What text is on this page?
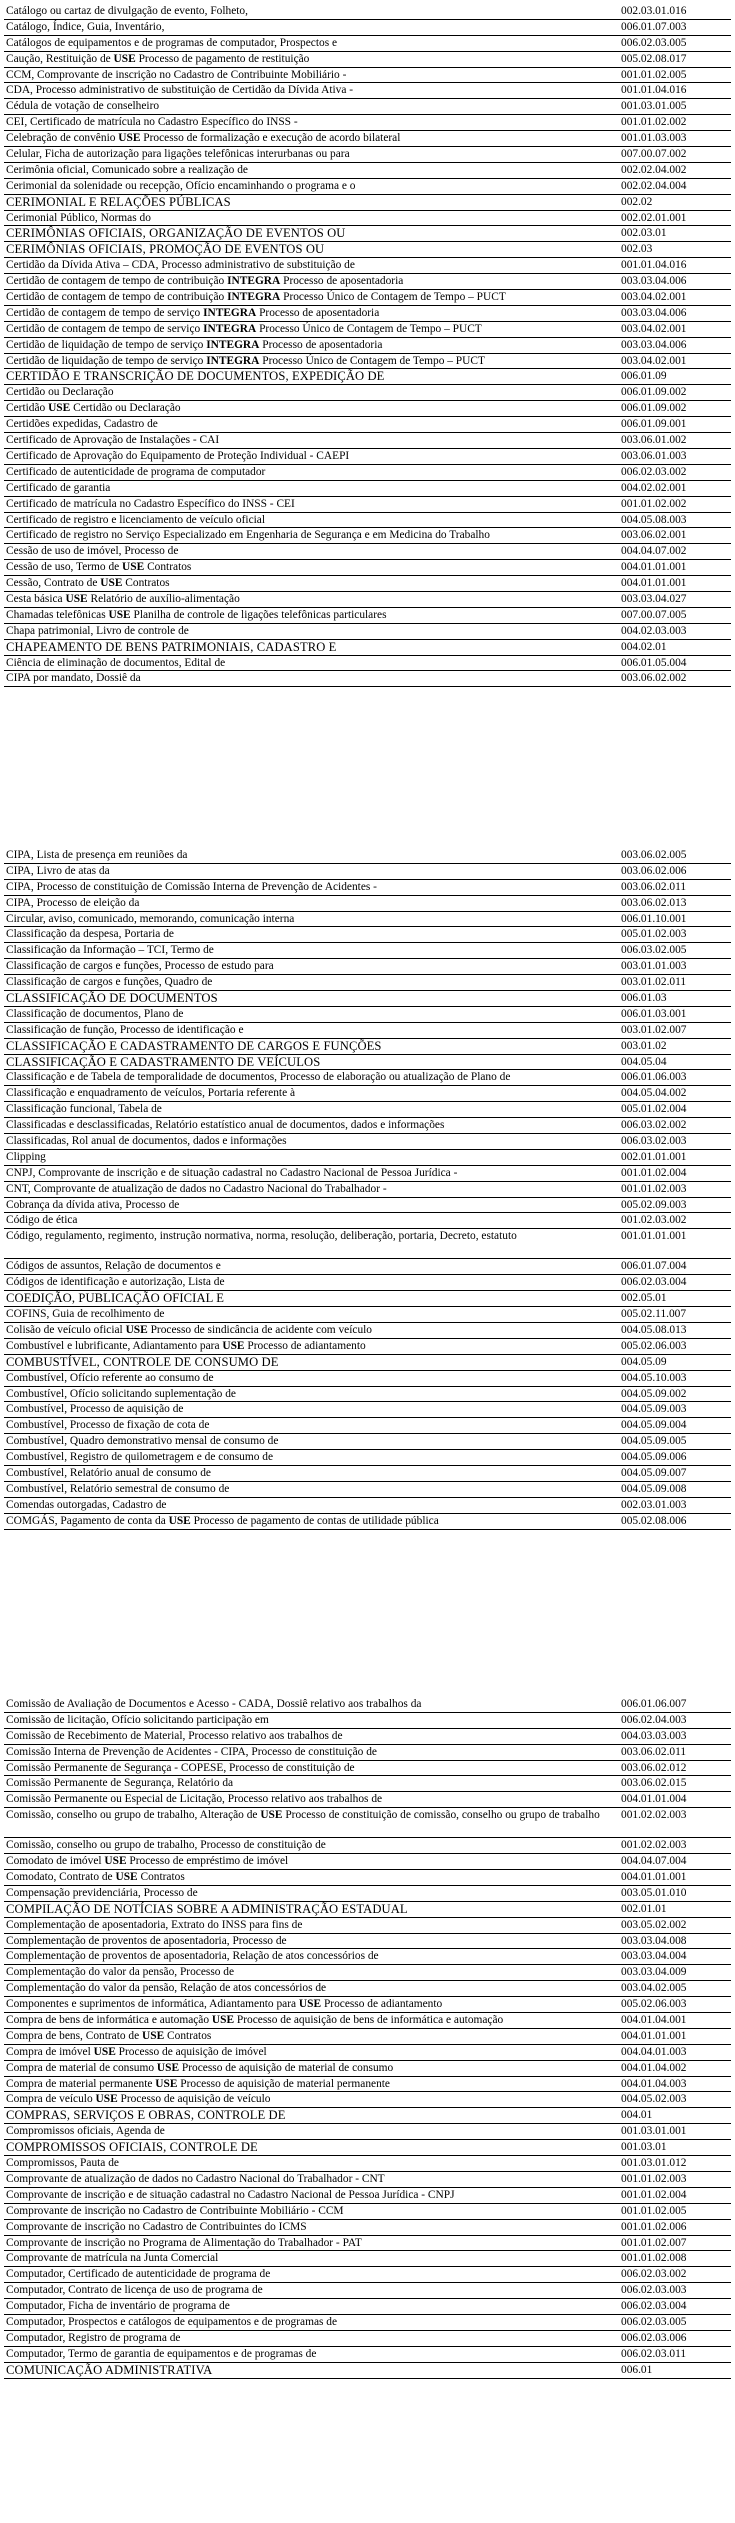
Catálogo ou cartaz de divulgação de evento, Folheto,	002.03.01.016
Catálogo, Índice, Guia, Inventário,	006.01.07.003
Catálogos de equipamentos e de programas de computador, Prospectos e	006.02.03.005
Caução, Restituição de USE Processo de pagamento de restituição	005.02.08.017
CCM, Comprovante de inscrição no Cadastro de Contribuinte Mobiliário -	001.01.02.005
CDA, Processo administrativo de substituição de Certidão da Dívida Ativa -	001.01.04.016
Cédula de votação de conselheiro	001.03.01.005
CEI, Certificado de matrícula no Cadastro Específico do INSS -	001.01.02.002
Celebração de convênio USE Processo de formalização e execução de acordo bilateral	001.01.03.003
Celular, Ficha de autorização para ligações telefônicas interurbanas ou para	007.00.07.002
Cerimônia oficial, Comunicado sobre a realização de	002.02.04.002
Cerimonial da solenidade ou recepção, Ofício encaminhando o programa e o	002.02.04.004
CERIMONIAL E RELAÇÕES PÚBLICAS	002.02
Cerimonial Público, Normas do	002.02.01.001
CERIMÔNIAS OFICIAIS, ORGANIZAÇÃO DE EVENTOS OU	002.03.01
CERIMÔNIAS OFICIAIS, PROMOÇÃO DE EVENTOS OU	002.03
Certidão da Dívida Ativa – CDA, Processo administrativo de substituição de	001.01.04.016
Certidão de contagem de tempo de contribuição INTEGRA Processo de aposentadoria	003.03.04.006
Certidão de contagem de tempo de contribuição INTEGRA Processo Único de Contagem de Tempo – PUCT	003.04.02.001
Certidão de contagem de tempo de serviço INTEGRA Processo de aposentadoria	003.03.04.006
Certidão de contagem de tempo de serviço INTEGRA Processo Único de Contagem de Tempo – PUCT	003.04.02.001
Certidão de liquidação de tempo de serviço INTEGRA Processo de aposentadoria	003.03.04.006
Certidão de liquidação de tempo de serviço INTEGRA Processo Único de Contagem de Tempo – PUCT	003.04.02.001
CERTIDÃO E TRANSCRIÇÃO DE DOCUMENTOS, EXPEDIÇÃO DE	006.01.09
Certidão ou Declaração	006.01.09.002
Certidão USE Certidão ou Declaração	006.01.09.002
Certidões expedidas, Cadastro de	006.01.09.001
Certificado de Aprovação de Instalações - CAI	003.06.01.002
Certificado de Aprovação do Equipamento de Proteção Individual - CAEPI	003.06.01.003
Certificado de autenticidade de programa de computador	006.02.03.002
Certificado de garantia	004.02.02.001
Certificado de matrícula no Cadastro Específico do INSS - CEI	001.01.02.002
Certificado de registro e licenciamento de veículo oficial	004.05.08.003
Certificado de registro no Serviço Especializado em Engenharia de Segurança e em Medicina do Trabalho	003.06.02.001
Cessão de uso de imóvel, Processo de	004.04.07.002
Cessão de uso, Termo de USE Contratos	004.01.01.001
Cessão, Contrato de USE Contratos	004.01.01.001
Cesta básica USE Relatório de auxílio-alimentação	003.03.04.027
Chamadas telefônicas USE Planilha de controle de ligações telefônicas particulares	007.00.07.005
Chapa patrimonial, Livro de controle de	004.02.03.003
CHAPEAMENTO DE BENS PATRIMONIAIS, CADASTRO E	004.02.01
Ciência de eliminação de documentos, Edital de	006.01.05.004
CIPA por mandato, Dossiê da	003.06.02.002
CIPA, Lista de presença em reuniões da	003.06.02.005
CIPA, Livro de atas da	003.06.02.006
CIPA, Processo de constituição de Comissão Interna de Prevenção de Acidentes -	003.06.02.011
CIPA, Processo de eleição da	003.06.02.013
Circular, aviso, comunicado, memorando, comunicação interna	006.01.10.001
Classificação da despesa, Portaria de	005.01.02.003
Classificação da Informação – TCI, Termo de	006.03.02.005
Classificação de cargos e funções, Processo de estudo para	003.01.01.003
Classificação de cargos e funções, Quadro de	003.01.02.011
CLASSIFICAÇÃO DE DOCUMENTOS	006.01.03
Classificação de documentos, Plano de	006.01.03.001
Classificação de função, Processo de identificação e	003.01.02.007
CLASSIFICAÇÃO E CADASTRAMENTO DE CARGOS E FUNÇÕES	003.01.02
CLASSIFICAÇÃO E CADASTRAMENTO DE VEÍCULOS	004.05.04
Classificação e de Tabela de temporalidade de documentos, Processo de elaboração ou atualização de Plano de	006.01.06.003
Classificação e enquadramento de veículos, Portaria referente à	004.05.04.002
Classificação funcional, Tabela de	005.01.02.004
Classificadas e desclassificadas, Relatório estatístico anual de documentos, dados e informações	006.03.02.002
Classificadas, Rol anual de documentos, dados e informações	006.03.02.003
Clipping	002.01.01.001
CNPJ, Comprovante de inscrição e de situação cadastral no Cadastro Nacional de Pessoa Jurídica -	001.01.02.004
CNT, Comprovante de atualização de dados no Cadastro Nacional do Trabalhador -	001.01.02.003
Cobrança da dívida ativa, Processo de	005.02.09.003
Código de ética	001.02.03.002
Código, regulamento, regimento, instrução normativa, norma, resolução, deliberação, portaria, Decreto, estatuto	001.01.01.001
Códigos de assuntos, Relação de documentos e	006.01.07.004
Códigos de identificação e autorização, Lista de	006.02.03.004
COEDIÇÃO, PUBLICAÇÃO OFICIAL E	002.05.01
COFINS, Guia de recolhimento de	005.02.11.007
Colisão de veículo oficial USE Processo de sindicância de acidente com veículo	004.05.08.013
Combustível e lubrificante, Adiantamento para USE Processo de adiantamento	005.02.06.003
COMBUSTÍVEL, CONTROLE DE CONSUMO DE	004.05.09
Combustível, Ofício referente ao consumo de	004.05.10.003
Combustível, Ofício solicitando suplementação de	004.05.09.002
Combustível, Processo de aquisição de	004.05.09.003
Combustível, Processo de fixação de cota de	004.05.09.004
Combustível, Quadro demonstrativo mensal de consumo de	004.05.09.005
Combustível, Registro de quilometragem e de consumo de	004.05.09.006
Combustível, Relatório anual de consumo de	004.05.09.007
Combustível, Relatório semestral de consumo de	004.05.09.008
Comendas outorgadas, Cadastro de	002.03.01.003
COMGÁS, Pagamento de conta da USE Processo de pagamento de contas de utilidade pública	005.02.08.006
Comissão de Avaliação de Documentos e Acesso - CADA, Dossiê relativo aos trabalhos da	006.01.06.007
Comissão de licitação, Ofício solicitando participação em	006.02.04.003
Comissão de Recebimento de Material, Processo relativo aos trabalhos de	004.03.03.003
Comissão Interna de Prevenção de Acidentes - CIPA, Processo de constituição de	003.06.02.011
Comissão Permanente de Segurança - COPESE, Processo de constituição de	003.06.02.012
Comissão Permanente de Segurança, Relatório da	003.06.02.015
Comissão Permanente ou Especial de Licitação, Processo relativo aos trabalhos de	004.01.01.004
Comissão, conselho ou grupo de trabalho, Alteração de USE Processo de constituição de comissão, conselho ou grupo de trabalho	001.02.02.003
Comissão, conselho ou grupo de trabalho, Processo de constituição de	001.02.02.003
Comodato de imóvel USE Processo de empréstimo de imóvel	004.04.07.004
Comodato, Contrato de USE Contratos	004.01.01.001
Compensação previdenciária, Processo de	003.05.01.010
COMPILAÇÃO DE NOTÍCIAS SOBRE A ADMINISTRAÇÃO ESTADUAL	002.01.01
Complementação de aposentadoria, Extrato do INSS para fins de	003.05.02.002
Complementação de proventos de aposentadoria, Processo de	003.03.04.008
Complementação de proventos de aposentadoria, Relação de atos concessórios de	003.03.04.004
Complementação do valor da pensão, Processo de	003.03.04.009
Complementação do valor da pensão, Relação de atos concessórios de	003.04.02.005
Componentes e suprimentos de informática, Adiantamento para USE Processo de adiantamento	005.02.06.003
Compra de bens de informática e automação USE Processo de aquisição de bens de informática e automação	004.01.04.001
Compra de bens, Contrato de USE Contratos	004.01.01.001
Compra de imóvel USE Processo de aquisição de imóvel	004.04.01.003
Compra de material de consumo USE Processo de aquisição de material de consumo	004.01.04.002
Compra de material permanente USE Processo de aquisição de material permanente	004.01.04.003
Compra de veículo USE Processo de aquisição de veículo	004.05.02.003
COMPRAS, SERVIÇOS E OBRAS, CONTROLE DE	004.01
Compromissos oficiais, Agenda de	001.03.01.001
COMPROMISSOS OFICIAIS, CONTROLE DE	001.03.01
Compromissos, Pauta de	001.03.01.012
Comprovante de atualização de dados no Cadastro Nacional do Trabalhador - CNT	001.01.02.003
Comprovante de inscrição e de situação cadastral no Cadastro Nacional de Pessoa Jurídica - CNPJ	001.01.02.004
Comprovante de inscrição no Cadastro de Contribuinte Mobiliário - CCM	001.01.02.005
Comprovante de inscrição no Cadastro de Contribuintes do ICMS	001.01.02.006
Comprovante de inscrição no Programa de Alimentação do Trabalhador - PAT	001.01.02.007
Comprovante de matrícula na Junta Comercial	001.01.02.008
Computador, Certificado de autenticidade de programa de	006.02.03.002
Computador, Contrato de licença de uso de programa de	006.02.03.003
Computador, Ficha de inventário de programa de	006.02.03.004
Computador, Prospectos e catálogos de equipamentos e de programas de	006.02.03.005
Computador, Registro de programa de	006.02.03.006
Computador, Termo de garantia de equipamentos e de programas de	006.02.03.011
COMUNICAÇÃO ADMINISTRATIVA	006.01
